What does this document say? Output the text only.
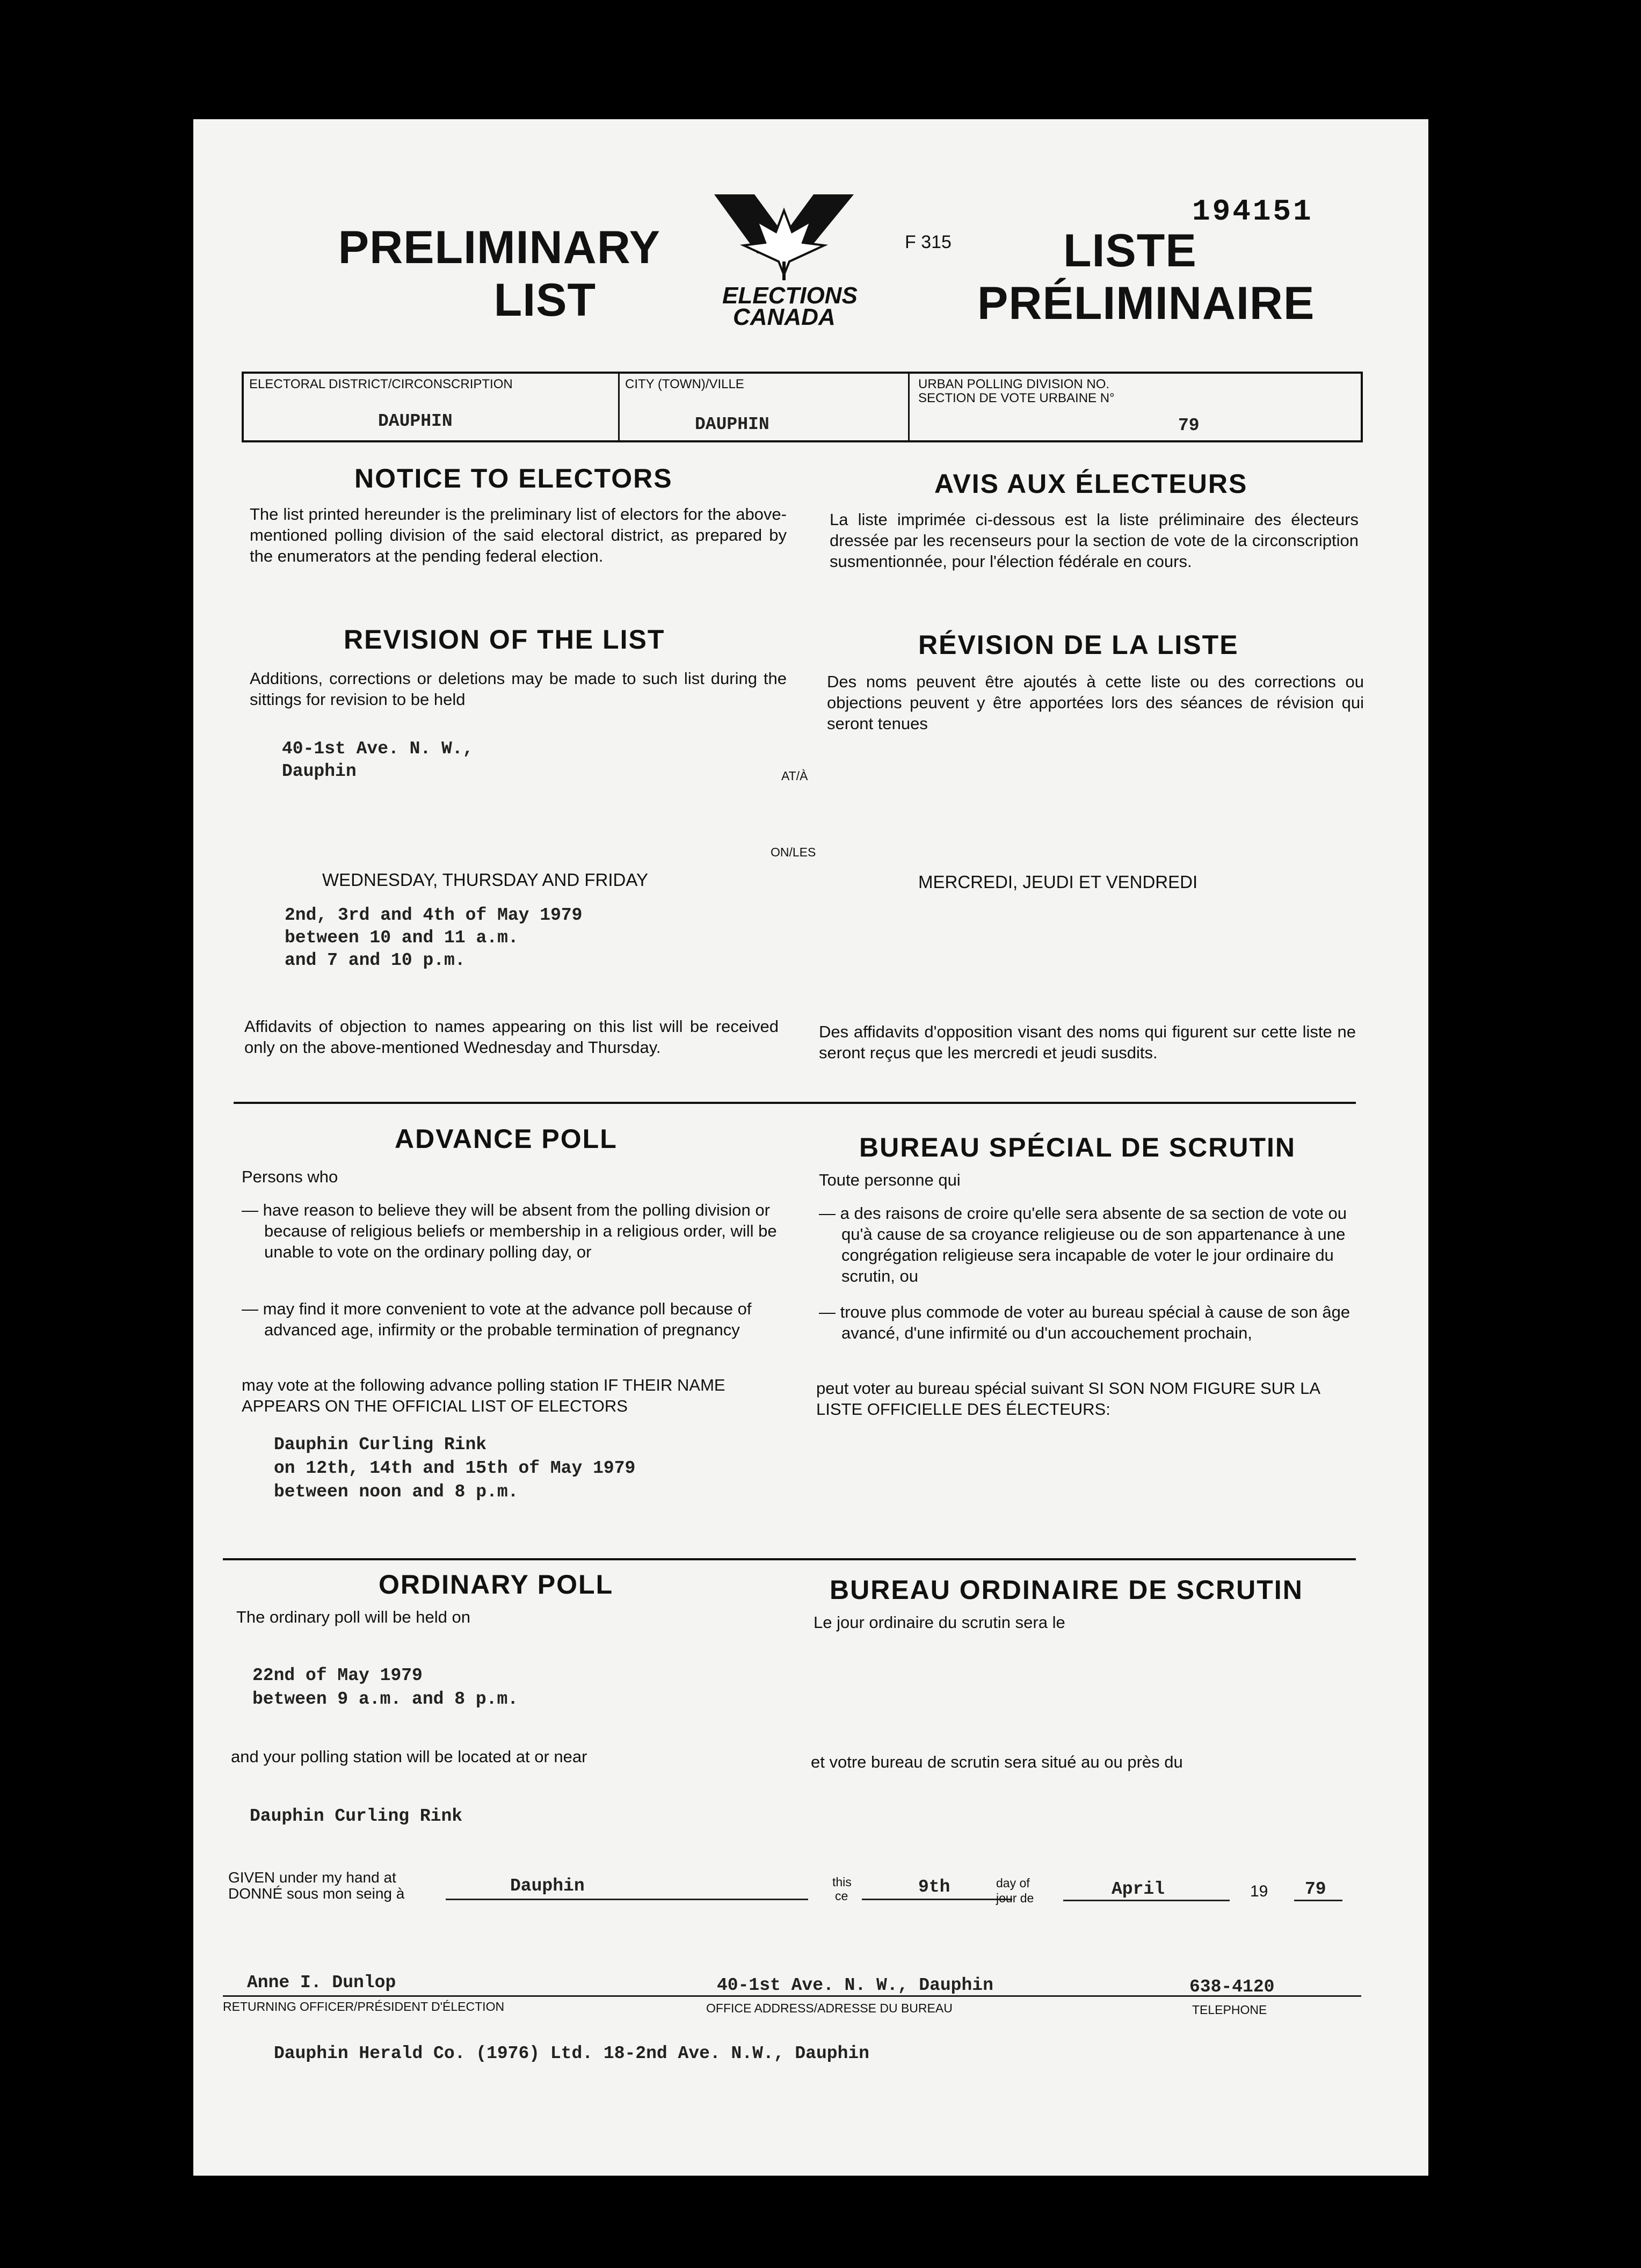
194151
PRELIMINARY
LIST	ELECTIONS
CANADA
F 315 LISTE
PRÉLIMINAIRE
ELECTORAL DISTRICT/CIRCONSCRIPTION
DAUPHIN
CITY (TOWN)/VILLE
DAUPHIN
URBAN POLLING DIVISION NO.
SECTION DE VOTE URBAINE N°
79
NOTICE TO ELECTORS	AVIS AUX ÉLECTEURS
The list printed hereunder is the preliminary list of electors for the above-mentioned polling division of the said electoral district, as prepared by the enumerators at the pending federal election.
La liste imprimée ci-dessous est la liste préliminaire des électeurs dressée par les recenseurs pour la section de vote de la circonscription susmentionnée, pour l'élection fédérale en cours.
REVISION OF THE LIST	RÉVISION DE LA LISTE
Additions, corrections or deletions may be made to such list during the sittings for revision to be held
Des noms peuvent être ajoutés à cette liste ou des corrections ou objections peuvent y être apportées lors des séances de révision qui seront tenues
40-1st Ave. N. W.,
Dauphin	AT/À
ON/LES
WEDNESDAY, THURSDAY AND FRIDAY	MERCREDI, JEUDI ET VENDREDI
2nd, 3rd and 4th of May 1979
between 10 and 11 a.m.
and 7 and 10 p.m.
Affidavits of objection to names appearing on this list will be received only on the above-mentioned Wednesday and Thursday.
Des affidavits d'opposition visant des noms qui figurent sur cette liste ne seront reçus que les mercredi et jeudi susdits.
ADVANCE POLL	BUREAU SPÉCIAL DE SCRUTIN
Persons who	Toute personne qui
— have reason to believe they will be absent from the polling division or because of religious beliefs or membership in a religious order, will be unable to vote on the ordinary polling day, or
— may find it more convenient to vote at the advance poll because of advanced age, infirmity or the probable termination of pregnancy
— a des raisons de croire qu'elle sera absente de sa section de vote ou qu'à cause de sa croyance religieuse ou de son appartenance à une congrégation religieuse sera incapable de voter le jour ordinaire du scrutin, ou
— trouve plus commode de voter au bureau spécial à cause de son âge avancé, d'une infirmité ou d'un accouchement prochain,
may vote at the following advance polling station IF THEIR NAME APPEARS ON THE OFFICIAL LIST OF ELECTORS
peut voter au bureau spécial suivant SI SON NOM FIGURE SUR LA LISTE OFFICIELLE DES ÉLECTEURS:
Dauphin Curling Rink
on 12th, 14th and 15th of May 1979
between noon and 8 p.m.
ORDINARY POLL	BUREAU ORDINAIRE DE SCRUTIN
The ordinary poll will be held on	Le jour ordinaire du scrutin sera le
22nd of May 1979
between 9 a.m. and 8 p.m.
and your polling station will be located at or near	et votre bureau de scrutin sera situé au ou près du
Dauphin Curling Rink
GIVEN under my hand at
DONNÉ sous mon seing à	Dauphin	this
ce	9th	day of
jour de	April	19 79
Anne I. Dunlop
RETURNING OFFICER/PRÉSIDENT D'ÉLECTION
40-1st Ave. N. W., Dauphin
OFFICE ADDRESS/ADRESSE DU BUREAU
638-4120
TELEPHONE
Dauphin Herald Co. (1976) Ltd. 18-2nd Ave. N.W., Dauphin
